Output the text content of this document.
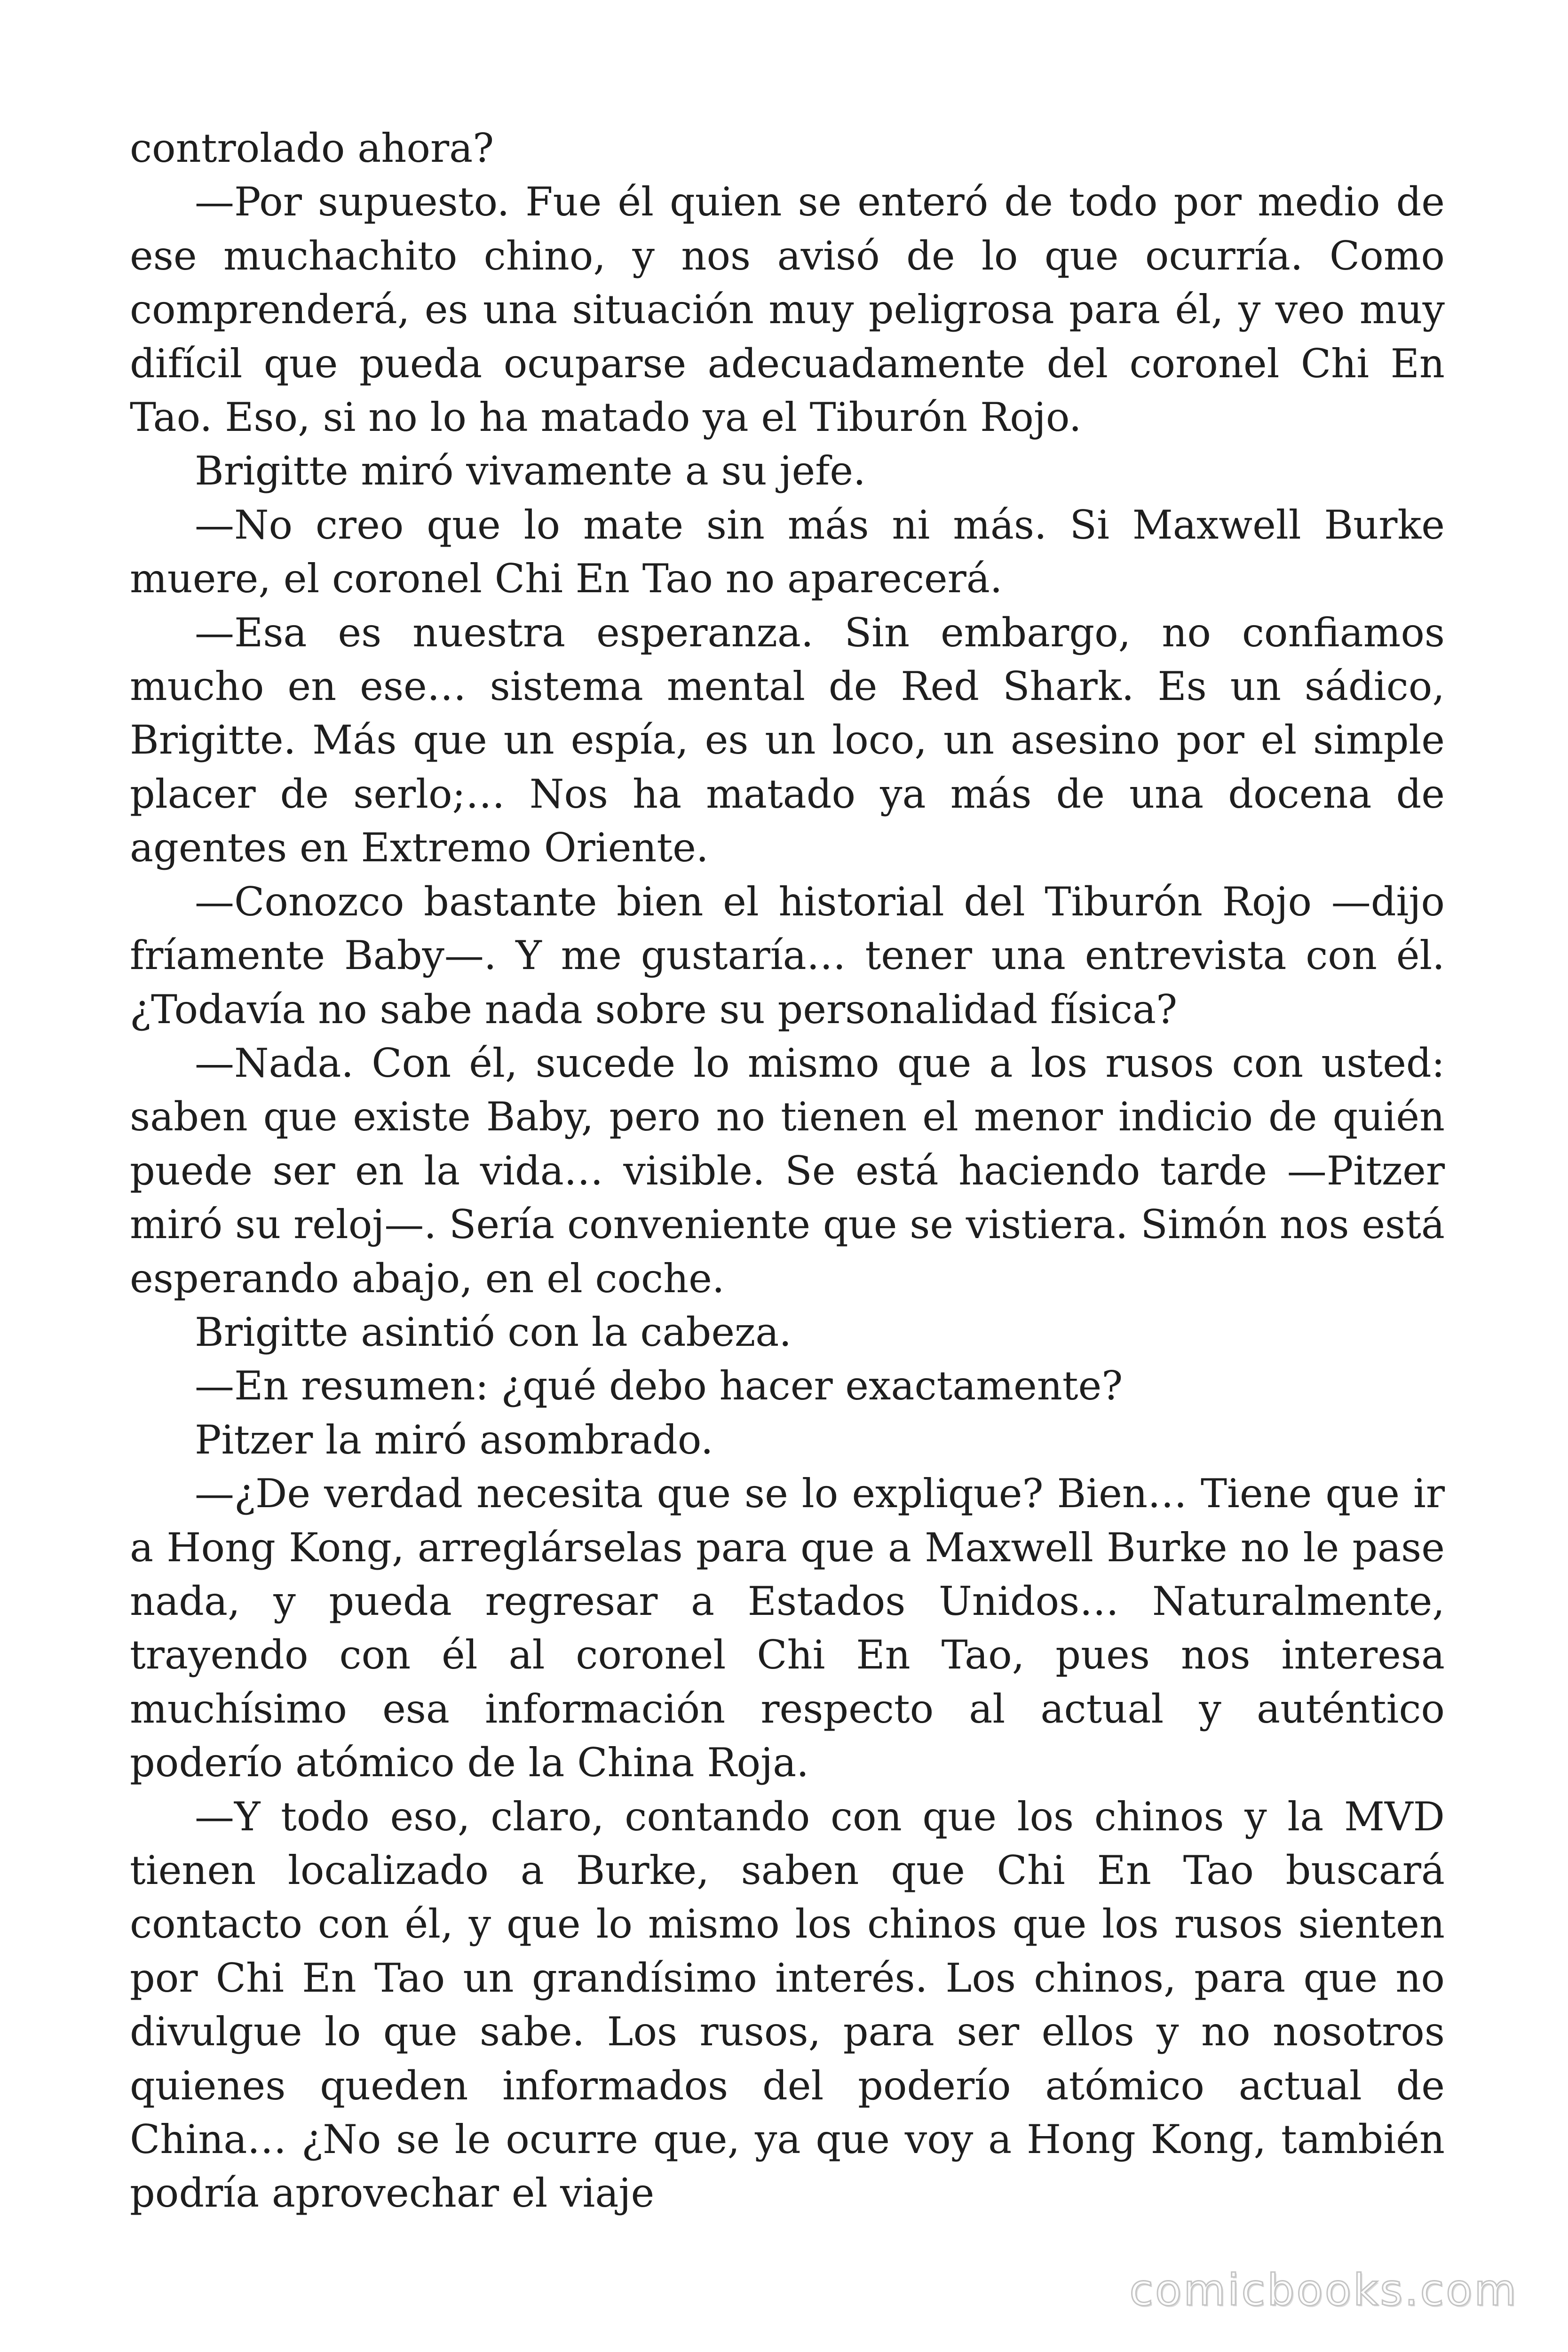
controlado ahora?

—Por supuesto. Fue él quien se enteró de todo por medio de ese muchachito chino, y nos avisó de lo que ocurría. Como comprenderá, es una situación muy peligrosa para él, y veo muy difícil que pueda ocuparse adecuadamente del coronel Chi En Tao. Eso, si no lo ha matado ya el Tiburón Rojo.

Brigitte miró vivamente a su jefe.

—No creo que lo mate sin más ni más. Si Maxwell Burke muere, el coronel Chi En Tao no aparecerá.

—Esa es nuestra esperanza. Sin embargo, no confiamos mucho en ese… sistema mental de Red Shark. Es un sádico, Brigitte. Más que un espía, es un loco, un asesino por el simple placer de serlo;… Nos ha matado ya más de una docena de agentes en Extremo Oriente.

—Conozco bastante bien el historial del Tiburón Rojo —dijo fríamente Baby—. Y me gustaría… tener una entrevista con él. ¿Todavía no sabe nada sobre su personalidad física?

—Nada. Con él, sucede lo mismo que a los rusos con usted: saben que existe Baby, pero no tienen el menor indicio de quién puede ser en la vida… visible. Se está haciendo tarde —Pitzer miró su reloj—. Sería conveniente que se vistiera. Simón nos está esperando abajo, en el coche.

Brigitte asintió con la cabeza.

—En resumen: ¿qué debo hacer exactamente?

Pitzer la miró asombrado.

—¿De verdad necesita que se lo explique? Bien… Tiene que ir a Hong Kong, arreglárselas para que a Maxwell Burke no le pase nada, y pueda regresar a Estados Unidos… Naturalmente, trayendo con él al coronel Chi En Tao, pues nos interesa muchísimo esa información respecto al actual y auténtico poderío atómico de la China Roja.

—Y todo eso, claro, contando con que los chinos y la MVD tienen localizado a Burke, saben que Chi En Tao buscará contacto con él, y que lo mismo los chinos que los rusos sienten por Chi En Tao un grandísimo interés. Los chinos, para que no divulgue lo que sabe. Los rusos, para ser ellos y no nosotros quienes queden informados del poderío atómico actual de China… ¿No se le ocurre que, ya que voy a Hong Kong, también podría aprovechar el viaje

comicbooks.com
